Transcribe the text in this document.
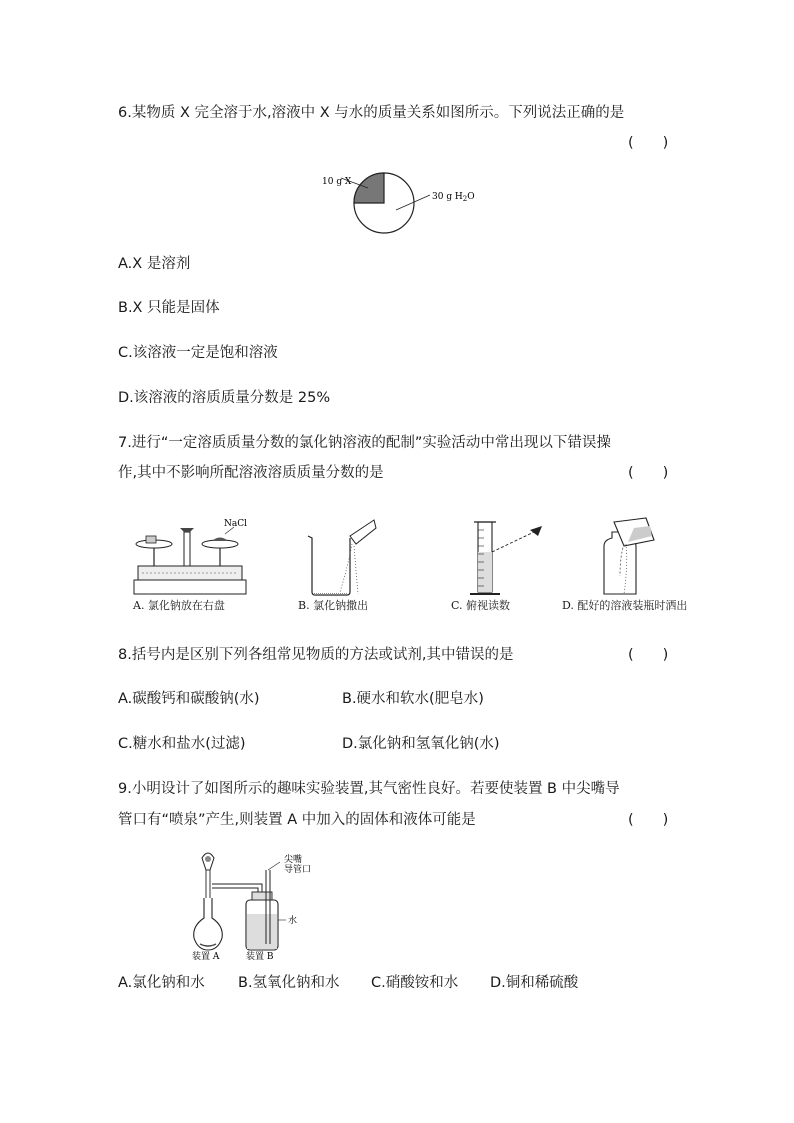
6.某物质 X 完全溶于水,溶液中 X 与水的质量关系如图所示。下列说法正确的是
(　　)
10 g X
30 g $H_2O$
A.X 是溶剂
B.X 只能是固体
C.该溶液一定是饱和溶液
D.该溶液的溶质质量分数是 25%
7.进行“一定溶质质量分数的氯化钠溶液的配制”实验活动中常出现以下错误操
作,其中不影响所配溶液溶质质量分数的是	(　　)
NaCl
A. 氯化钠放在右盘	B. 氯化钠撒出	C. 俯视读数	D. 配好的溶液装瓶时洒出
8.括号内是区别下列各组常见物质的方法或试剂,其中错误的是	(　　)
A.碳酸钙和碳酸钠(水)	B.硬水和软水(肥皂水)
C.糖水和盐水(过滤)	D.氯化钠和氢氧化钠(水)
9.小明设计了如图所示的趣味实验装置,其气密性良好。若要使装置 B 中尖嘴导
管口有“喷泉”产生,则装置 A 中加入的固体和液体可能是	(　　)
尖嘴
导管口
水
装置 A	装置 B
A.氯化钠和水 B.氢氧化钠和水 C.硝酸铵和水 D.铜和稀硫酸
